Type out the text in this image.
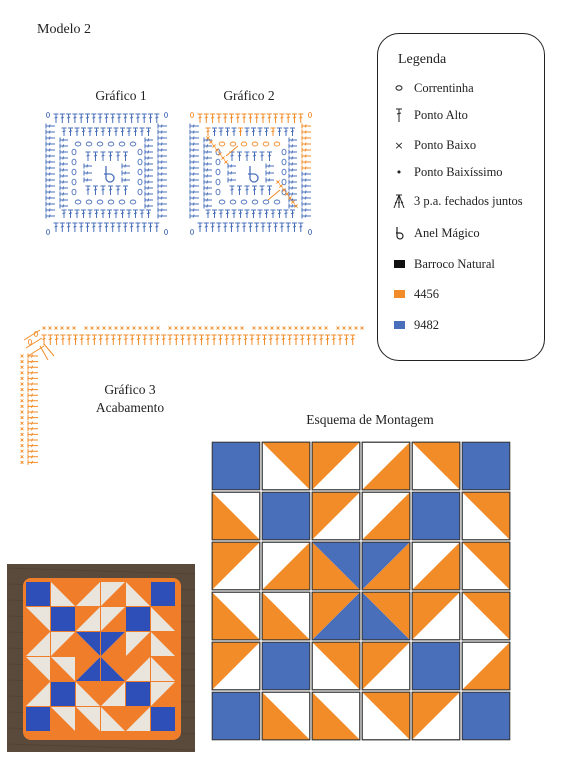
Modelo 2
Gráfico 1	Gráfico 2
Gráfico 3
Acabamento
Esquema de Montagem
Legenda
Correntinha
Ponto Alto
× Ponto Baixo
• Ponto Baixíssimo
3 p.a. fechados juntos
Anel Mágico
Barroco Natural
4456
9482
